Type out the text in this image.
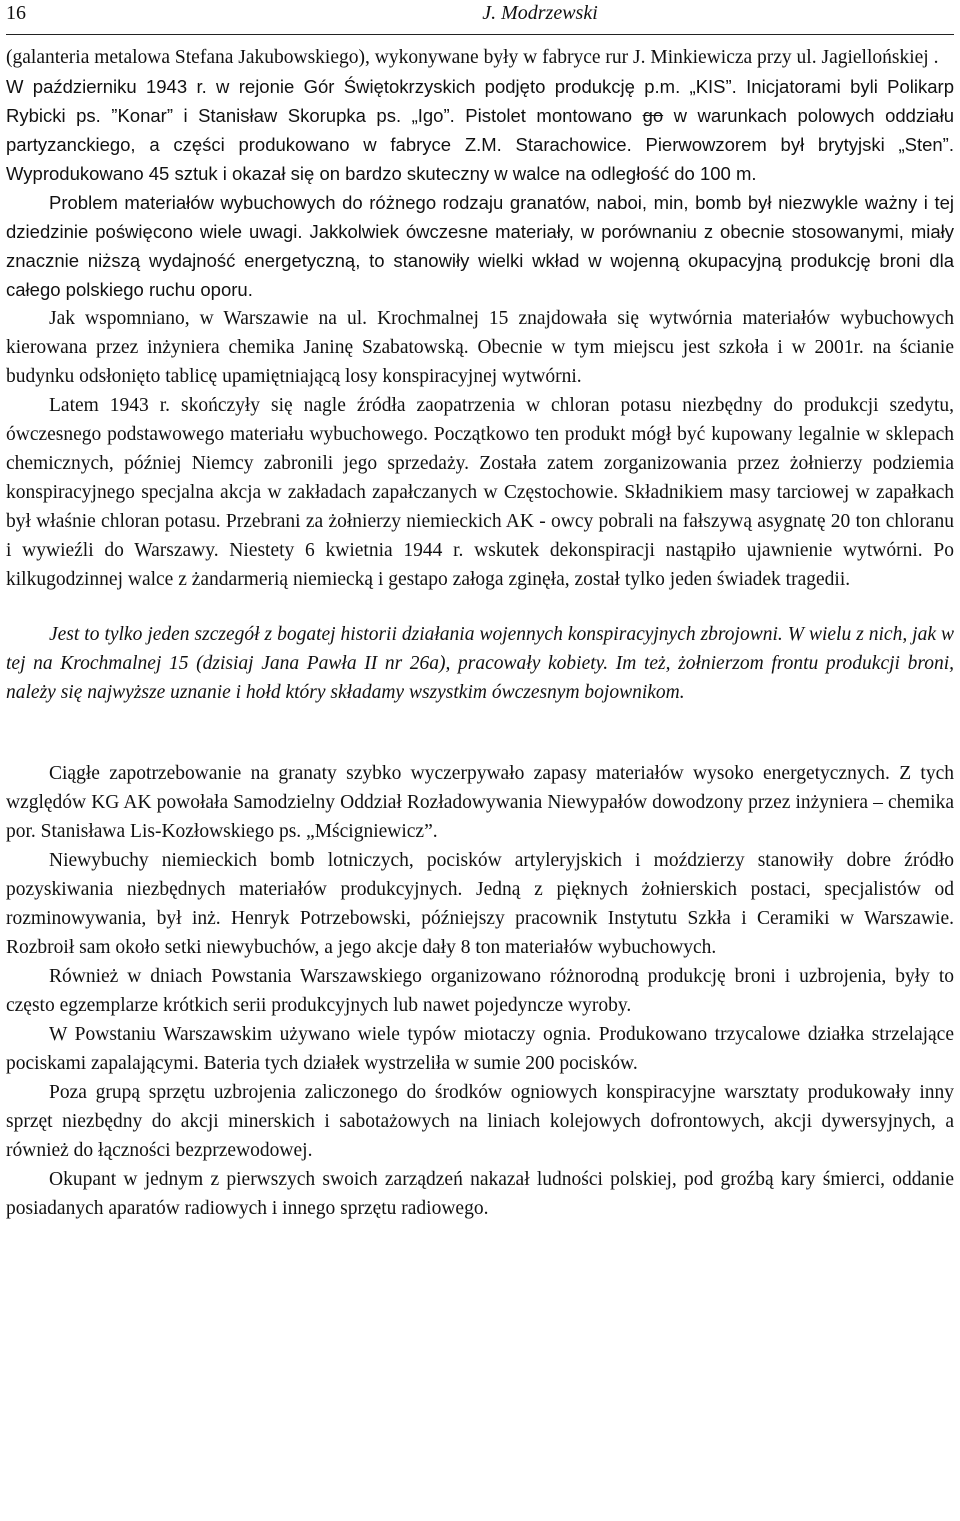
16	J. Modrzewski

(galanteria metalowa Stefana Jakubowskiego), wykonywane były w fabryce rur J. Minkiewicza przy ul. Jagiellońskiej .

W październiku 1943 r. w rejonie Gór Świętokrzyskich podjęto produkcję p.m. „KIS”. Inicjatorami byli Polikarp Rybicki ps. ”Konar” i Stanisław Skorupka ps. „Igo”. Pistolet montowano go w warunkach polowych oddziału partyzanckiego, a części produkowano w fabryce Z.M. Starachowice. Pierwowzorem był brytyjski „Sten”. Wyprodukowano 45 sztuk i okazał się on bardzo skuteczny w walce na odległość do 100 m.

Problem materiałów wybuchowych do różnego rodzaju granatów, naboi, min, bomb był niezwykle ważny i tej dziedzinie poświęcono wiele uwagi. Jakkolwiek ówczesne materiały, w porównaniu z obecnie stosowanymi, miały znacznie niższą wydajność energetyczną, to stanowiły wielki wkład w wojenną okupacyjną produkcję broni dla całego polskiego ruchu oporu.

Jak wspomniano, w Warszawie na ul. Krochmalnej 15 znajdowała się wytwórnia materiałów wybuchowych kierowana przez inżyniera chemika Janinę Szabatowską. Obecnie w tym miejscu jest szkoła i w 2001r. na ścianie budynku odsłonięto tablicę upamiętniającą losy konspiracyjnej wytwórni.

Latem 1943 r. skończyły się nagle źródła zaopatrzenia w chloran potasu niezbędny do produkcji szedytu, ówczesnego podstawowego materiału wybuchowego. Początkowo ten produkt mógł być kupowany legalnie w sklepach chemicznych, później Niemcy zabronili jego sprzedaży. Została zatem zorganizowania przez żołnierzy podziemia konspiracyjnego specjalna akcja w zakładach zapałczanych w Częstochowie. Składnikiem masy tarciowej w zapałkach był właśnie chloran potasu. Przebrani za żołnierzy niemieckich AK - owcy pobrali na fałszywą asygnatę 20 ton chloranu i wywieźli do Warszawy. Niestety 6 kwietnia 1944 r. wskutek dekonspiracji nastąpiło ujawnienie wytwórni. Po kilkugodzinnej walce z żandarmerią niemiecką i gestapo załoga zginęła, został tylko jeden świadek tragedii.

Jest to tylko jeden szczegół z bogatej historii działania wojennych konspiracyjnych zbrojowni. W wielu z nich, jak w tej na Krochmalnej 15 (dzisiaj Jana Pawła II nr 26a), pracowały kobiety. Im też, żołnierzom frontu produkcji broni, należy się najwyższe uznanie i hołd który składamy wszystkim ówczesnym bojownikom.

Ciągłe zapotrzebowanie na granaty szybko wyczerpywało zapasy materiałów wysoko energetycznych. Z tych względów KG AK powołała Samodzielny Oddział Rozładowywania Niewypałów dowodzony przez inżyniera – chemika por. Stanisława Lis-Kozłowskiego ps. „Mścigniewicz”.

Niewybuchy niemieckich bomb lotniczych, pocisków artyleryjskich i moździerzy stanowiły dobre źródło pozyskiwania niezbędnych materiałów produkcyjnych. Jedną z pięknych żołnierskich postaci, specjalistów od rozminowywania, był inż. Henryk Potrzebowski, późniejszy pracownik Instytutu Szkła i Ceramiki w Warszawie. Rozbroił sam około setki niewybuchów, a jego akcje dały 8 ton materiałów wybuchowych.

Również w dniach Powstania Warszawskiego organizowano różnorodną produkcję broni i uzbrojenia, były to często egzemplarze krótkich serii produkcyjnych lub nawet pojedyncze wyroby.

W Powstaniu Warszawskim używano wiele typów miotaczy ognia. Produkowano trzycalowe działka strzelające pociskami zapalającymi. Bateria tych działek wystrzeliła w sumie 200 pocisków.

Poza grupą sprzętu uzbrojenia zaliczonego do środków ogniowych konspiracyjne warsztaty produkowały inny sprzęt niezbędny do akcji minerskich i sabotażowych na liniach kolejowych dofrontowych, akcji dywersyjnych, a również do łączności bezprzewodowej.

Okupant w jednym z pierwszych swoich zarządzeń nakazał ludności polskiej, pod groźbą kary śmierci, oddanie posiadanych aparatów radiowych i innego sprzętu radiowego.
